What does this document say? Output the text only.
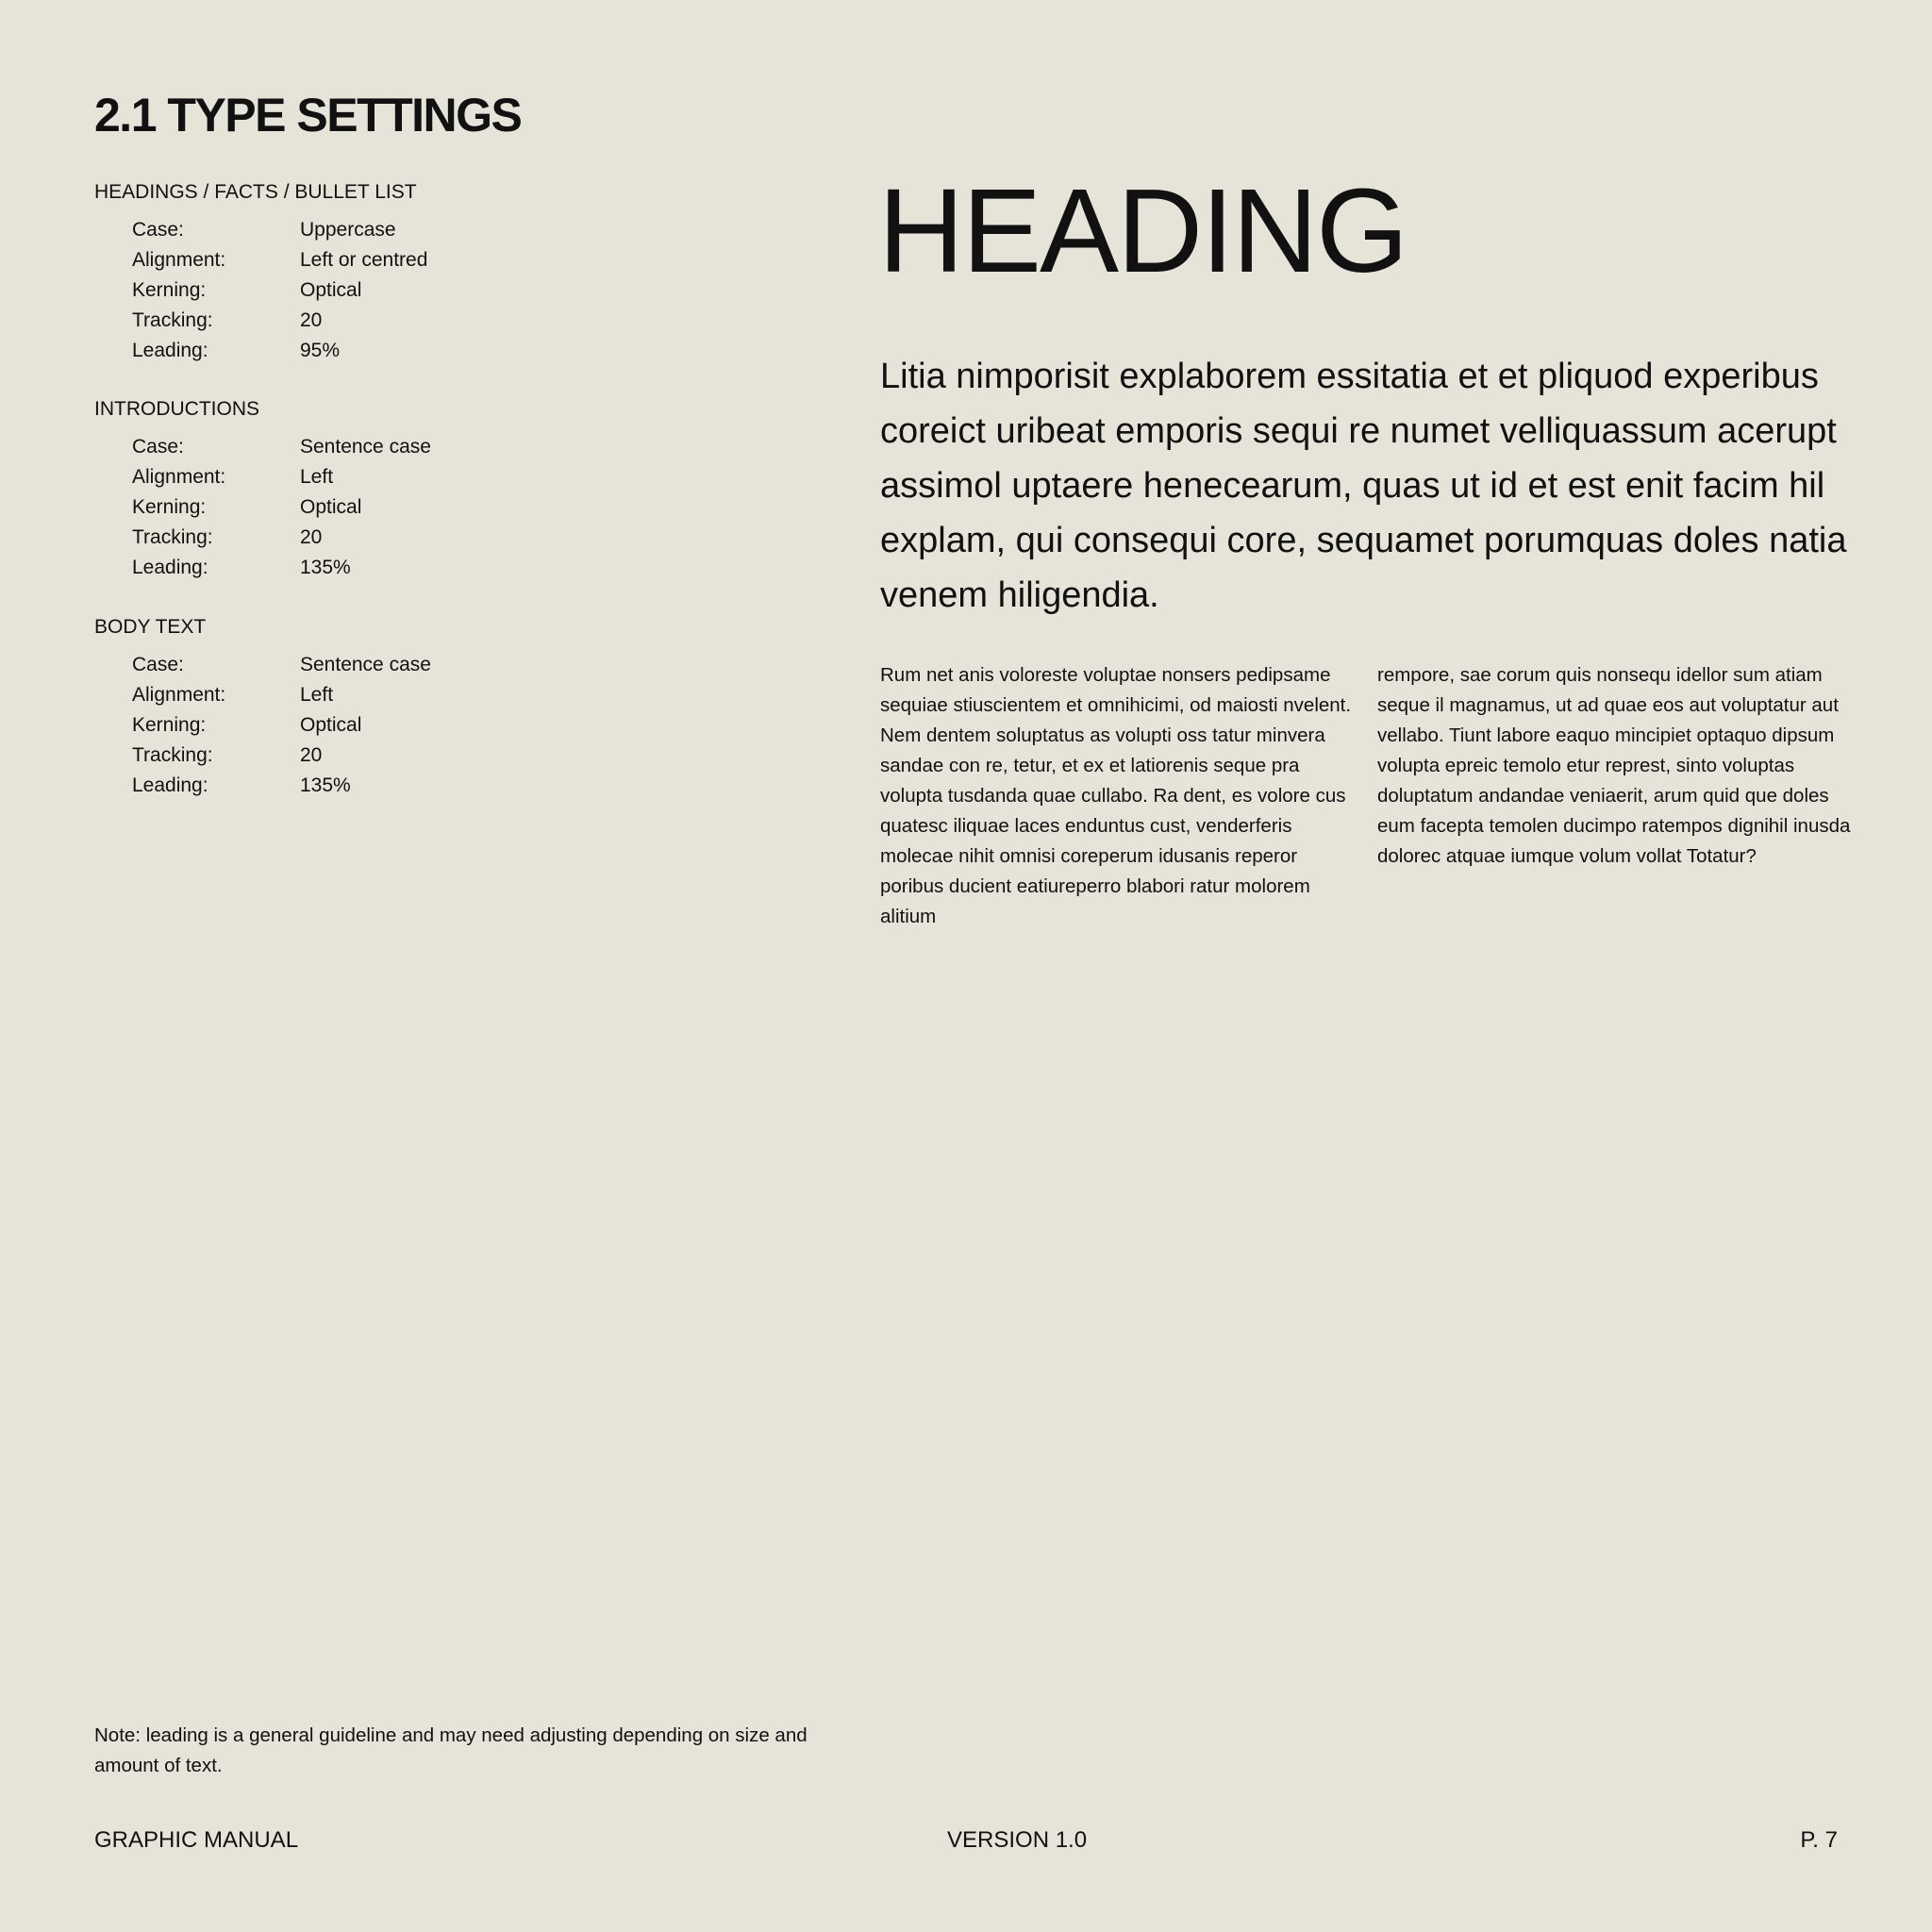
2.1 TYPE SETTINGS
HEADINGS / FACTS / BULLET LIST
Case:	Uppercase
Alignment:	Left or centred
Kerning:	Optical
Tracking:	20
Leading:	95%
INTRODUCTIONS
Case:	Sentence case
Alignment:	Left
Kerning:	Optical
Tracking:	20
Leading:	135%
BODY TEXT
Case:	Sentence case
Alignment:	Left
Kerning:	Optical
Tracking:	20
Leading:	135%
HEADING

Litia nimporisit explaborem essitatia et et pliquod experibus coreict uribeat emporis sequi re numet velliquassum acerupt assimol uptaere henecearum, quas ut id et est enit facim hil explam, qui consequi core, sequamet porumquas doles natia venem hiligendia.

Rum net anis voloreste voluptae nonsers pedipsame sequiae stiuscientem et omnihicimi, od maiosti nvelent. Nem dentem soluptatus as volupti oss tatur minvera sandae con re, tetur, et ex et latiorenis seque pra volupta tusdanda quae cullabo. Ra dent, es volore cus quatesc iliquae laces enduntus cust, venderferis molecae nihit omnisi coreperum idusanis reperor poribus ducient eatiureperro blabori ratur molorem alitium

rempore, sae corum quis nonsequ idellor sum atiam seque il magnamus, ut ad quae eos aut voluptatur aut vellabo. Tiunt labore eaquo mincipiet optaquo dipsum volupta epreic temolo etur represt, sinto voluptas doluptatum andandae veniaerit, arum quid que doles eum facepta temolen ducimpo ratempos dignihil inusda dolorec atquae iumque volum vollat Totatur?

Note: leading is a general guideline and may need adjusting depending on size and amount of text.

GRAPHIC MANUAL	VERSION 1.0	P. 7
